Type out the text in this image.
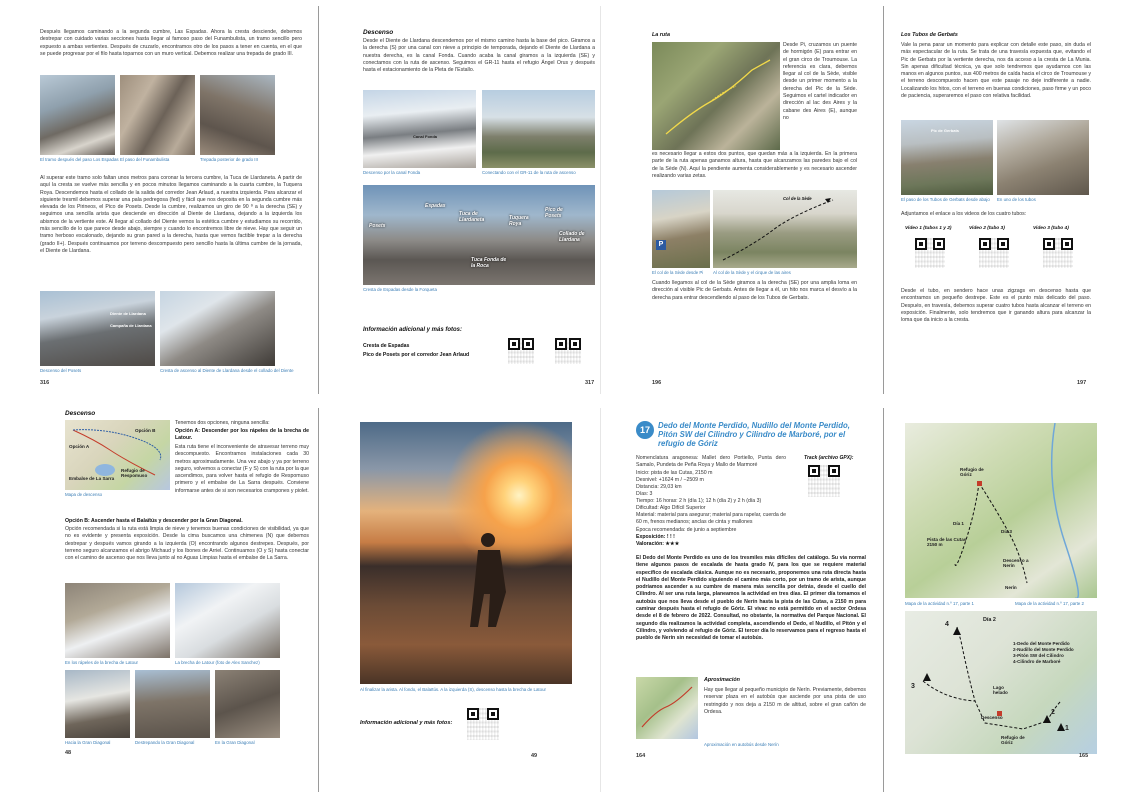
Después llegamos caminando a la segunda cumbre, Las Espadas. Ahora la cresta desciende, debemos destrepar con cuidado varias secciones hasta llegar al famoso paso del Funambulista, un tramo sencillo pero expuesto a ambas vertientes. Después de cruzarlo, encontramos otro de los pasos a tener en cuenta, en el que se puede progresar por el filo hasta toparnos con un muro vertical. Debemos realizar una trepada de grado III.
El tramo después del paso Los Espadas El paso del Funambulista	Trepada posterior de grado III
Al superar este tramo solo faltan unos metros para coronar la tercera cumbre, la Tuca de Llardaneta. A partir de aquí la cresta se vuelve más sencilla y en pocos minutos llegamos caminando a la cuarta cumbre, la Tuquera Roya. Descendemos hasta el collado de la salida del corredor Jean Arlaud, a nuestra izquierda. Para alcanzar el siguiente tresmil debemos superar una pala pedregosa (fed) y fácil que nos deposita en la segunda cumbre más elevada de los Pirineos, el Pico de Posets. Desde la cumbre, realizamos un giro de 90 º a la derecha (SE) y seguimos una sencilla arista que desciende en dirección al Diente de Llardana, dejando a la izquierda los abismos de la vertiente este. Al llegar al collado del Diente vemos la estética cumbre y estudiamos su recorrido, más sencillo de lo que parece desde abajo, siempre y cuando lo encontremos libre de nieve. Hay que seguir un tramo herboso escalonado, dejando su gran pared a la derecha, hasta que vemos factible trepar a la derecha (grado II+). Después continuamos por terreno descompuesto pero sencillo hasta la última cumbre de la jornada, el Diente de Llardana.
Diente de Llardana
Campaña de Llardana
Descenso del Posets	Cresta de ascenso al Diente de Llardana desde el collado del Diente
316
Descenso
Desde el Diente de Llardana descendemos por el mismo camino hasta la base del pico. Giramos a la derecha (S) por una canal con nieve a principio de temporada, dejando el Diente de Llardana a nuestra derecha, es la canal Fonda. Cuando acaba la canal giramos a la izquierda (SE) y conectamos con la ruta de ascenso. Seguimos el GR-11 hasta el refugio Ángel Orus y después hasta el estacionamiento de la Pleta de l'Estallo.
Canal Fonda
Descenso por la canal Fonda	Conectando con el GR-11 de la ruta de ascenso
Espadas
Posets
Tuca de Llardaneta	Tuquera Roya
Pico de Posets
Collado de Llardana
Tuca Fonda de la Roca
Cresta de Espadas desde la Forqueta
Información adicional y más fotos:
Cresta de Espadas
Pico de Posets por el corredor Jean Arlaud
317
La ruta
Desde Pi, cruzamos un puente de hormigón (E) para entrar en el gran circo de Troumouse. La referencia es clara, debemos llegar al col de la Sède, visible desde un primer momento a la derecha del Pic de la Sède. Seguimos el cartel indicador en dirección al lac des Aires y la cabane des Aires (E), aunque no
es necesario llegar a estos dos puntos, que quedan más a la izquierda. En la primera parte de la ruta apenas ganamos altura, hasta que alcanzamos las paredes bajo el col de la Sède (N). Aquí la pendiente aumenta considerablemente y es necesario ascender realizando varias zetas.
P
Col de la Sède
El col de la Sède desde Pi Al col de la Sède y el cirque de las aires
Cuando llegamos al col de la Sède giramos a la derecha (SE) por una amplia loma en dirección al visible Pic de Gerbats. Antes de llegar a él, un hito nos marca el desvío a la derecha para entrar descendiendo al paso de los Tubos de Gerbats.
196
Los Tubos de Gerbats
Vale la pena parar un momento para explicar con detalle este paso, sin duda el más espectacular de la ruta. Se trata de una travesía expuesta que, evitando el Pic de Gerbats por la vertiente derecha, nos da acceso a la cresta de La Munia. Sin apenas dificultad técnica, ya que solo tendremos que ayudarnos con las manos en algunos puntos, sus 400 metros de caída hacia el circo de Troumouse y el terreno descompuesto hacen que este pasaje no deje indiferente a nadie. Localizando los hitos, con el terreno en buenas condiciones, paso firme y un poco de paciencia, superaremos el paso con relativa facilidad.
Pic de Gerbats
El paso de los Tubos de Gerbats desde abajo En uno de los tubos
Adjuntamos el enlace a los videos de los cuatro tubos:
Video 1 (tubos 1 y 2)	Video 2 (tubo 3)	Video 3 (tubo 4)
Desde el tubo, en sendero hace unas zigzags en descenso hasta que encontramos un pequeño destrepe. Este es el punto más delicado del paso. Después, en travesía, debemos superar cuatro tubos hasta alcanzar el terreno en exposición. Finalmente, solo tendremos que ir ganando altura para alcanzar la loma que da inicio a la cresta.
197
Descenso
Opción A
Opción B
Embalse de La Sarra
Refugio de Respomuso
Mapa de descenso
Tenemos dos opciones, ninguna sencilla:
Opción A: Descender por los rápeles de la brecha de Latour.
Esta ruta tiene el inconveniente de atravesar terreno muy descompuesto. Encontramos instalaciones cada 30 metros aproximadamente. Una vez abajo y ya por terreno seguro, volvemos a conectar (F y S) con la ruta por la que ascendimos, para volver hasta el refugio de Respomuso primero y el embalse de La Sarra después. Conviene informarse antes de si son necesarios crampones y piolet.
Opción B: Ascender hasta el Balaïtús y descender por la Gran Diagonal.
Opción recomendada si la ruta está limpia de nieve y tenemos buenas condiciones de visibilidad, ya que no es evidente y presenta exposición. Desde la cima buscamos una chimenea (N) que debemos destrepar y después vamos girando a la izquierda (O) encontrando algunos destrepes. Después, por terreno seguro alcanzamos el abrigo Michaud y los Ibones de Arriel. Continuamos (O y S) hasta conectar con el camino de ascenso que nos lleva junto al no Aguas Limpias hasta el embalse de La Sarra.
En los rápeles de la brecha de Latour	La brecha de Latour (foto de Alex Sanchez)
Hacia la Gran Diagonal	Destrepando la Gran Diagonal	En la Gran Diagonal
48
Al finalizar la arista. Al fondo, el Balaïtús. A la izquierda (S), descenso hasta la brecha de Latour
Información adicional y más fotos:
49
17	Dedo del Monte Perdido, Nudillo del Monte Perdido, Pitón SW del Cilindro y Cilindro de Marboré, por el refugio de Góriz
Nomenclatura aragonesa: Mallet dero Portiello, Punta dero Samalo, Pundeta de Peña Roya y Mallo de Marmoré
Inicio: pista de las Cutas, 2150 m
Desnivel: +1624 m / −2509 m
Distancia: 29,03 km
Días: 3
Tiempo: 16 horas: 2 h (día 1); 12 h (día 2) y 2 h (día 3)
Dificultad: Algo Difícil Superior
Material: material para asegurar; material para rapelar, cuerda de 60 m, frenos medianos; anclas de cinta y mallones
Época recomendada: de junio a septiembre
Exposición: ! ! !
Valoración: ★★★
Track (archivo GPX):
El Dedo del Monte Perdido es uno de los tresmiles más difíciles del catálogo. Su vía normal tiene algunos pasos de escalada de hasta grado IV, para los que se requiere material específico de escalada clásica. Aunque no es necesario, proponemos una ruta directa hasta el Nudillo del Monte Perdido siguiendo el camino más corto, por un tramo de arista, aunque podríamos ascender a su cumbre de manera más sencilla por detrás, desde el cuello del Cilindro. Al ser una ruta larga, planeamos la actividad en tres días. El primer día tomamos el autobús que nos lleva desde el pueblo de Nerín hasta la pista de las Cutas, a 2150 m para caminar después hasta el refugio de Góriz. El vivac no está permitido en el sector Ordesa desde el 8 de febrero de 2022. Consultad, no obstante, la normativa del Parque Nacional. El segundo día realizamos la actividad completa, ascendiendo el Dedo, el Nudillo, el Pitón y el Cilindro, y volviendo al refugio de Góriz. El tercer día lo reservamos para el regreso hasta el pueblo de Nerín sin necesidad de tomar el autobús.
Aproximación en autobús desde Nerín
Aproximación
Hay que llegar al pequeño municipio de Nerín. Previamente, debemos reservar plaza en el autobús que asciende por una pista de uso restringido y nos deja a 2150 m de altitud, sobre el gran cañón de Ordesa.
164
Refugio de Góriz
Día 1
Día 3
Pista de las Cutas 2150 m
Descenso a Nerín
Nerín
Mapa de la actividad n.º 17, parte 1	Mapa de la actividad n.º 17, parte 2
Día 2
4
3
2
1
Lago helado
Descenso
Refugio de Góriz
1-Dedo del Monte Perdido
2-Nudillo del Monte Perdido
3-Pitón SW del Cilindro
4-Cilindro de Marboré
165
